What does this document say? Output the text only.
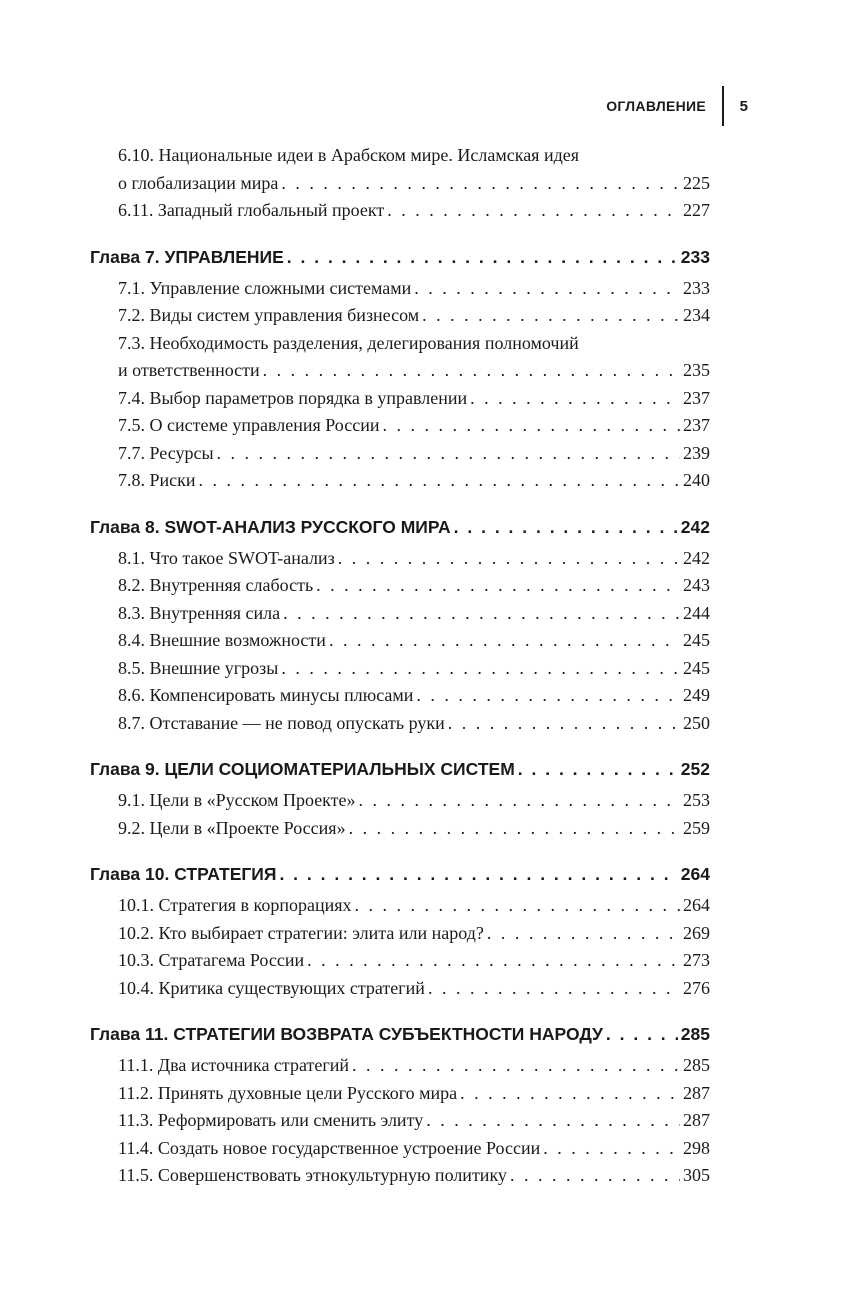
ОГЛАВЛЕНИЕ	5
6.10. Национальные идеи в Арабском мире. Исламская идея
о глобализации мира . . .	225
6.11. Западный глобальный проект . . .	227
Глава 7. УПРАВЛЕНИЕ . . .	233
7.1. Управление сложными системами . . .	233
7.2. Виды систем управления бизнесом . . .	234
7.3. Необходимость разделения, делегирования полномочий
и ответственности . . .	235
7.4. Выбор параметров порядка в управлении . . .	237
7.5. О системе управления России . . .	237
7.7. Ресурсы . . .	239
7.8. Риски . . .	240
Глава 8. SWOT-АНАЛИЗ РУССКОГО МИРА . . .	242
8.1. Что такое SWOT-анализ . . .	242
8.2. Внутренняя слабость . . .	243
8.3. Внутренняя сила . . .	244
8.4. Внешние возможности . . .	245
8.5. Внешние угрозы . . .	245
8.6. Компенсировать минусы плюсами . . .	249
8.7. Отставание — не повод опускать руки . . .	250
Глава 9. ЦЕЛИ СОЦИОМАТЕРИАЛЬНЫХ СИСТЕМ . . .	252
9.1. Цели в «Русском Проекте» . . .	253
9.2. Цели в «Проекте Россия» . . .	259
Глава 10. СТРАТЕГИЯ . . .	264
10.1. Стратегия в корпорациях . . .	264
10.2. Кто выбирает стратегии: элита или народ? . . .	269
10.3. Стратагема России . . .	273
10.4. Критика существующих стратегий . . .	276
Глава 11. СТРАТЕГИИ ВОЗВРАТА СУБЪЕКТНОСТИ НАРОДУ . . .	285
11.1. Два источника стратегий . . .	285
11.2. Принять духовные цели Русского мира . . .	287
11.3. Реформировать или сменить элиту . . .	287
11.4. Создать новое государственное устроение России . . .	298
11.5. Совершенствовать этнокультурную политику . . .	305
